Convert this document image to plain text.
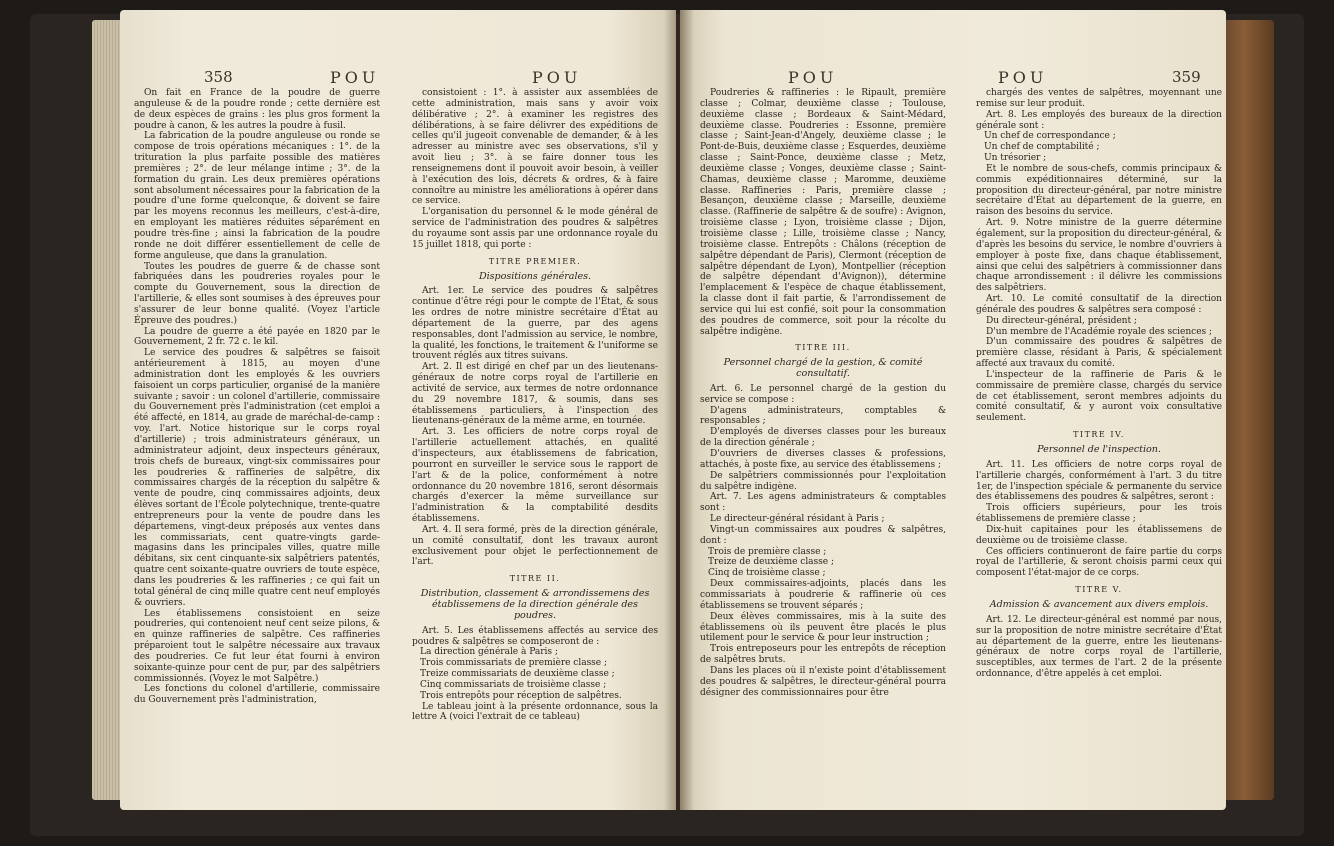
358	POU	POU

On fait en France de la poudre de guerre anguleuse & de la poudre ronde ; cette dernière est de deux espèces de grains : les plus gros forment la poudre à canon, & les autres la poudre à fusil.

La fabrication de la poudre anguleuse ou ronde se compose de trois opérations mécaniques : 1°. de la trituration la plus parfaite possible des matières premières ; 2°. de leur mélange intime ; 3°. de la formation du grain. Les deux premières opérations sont absolument nécessaires pour la fabrication de la poudre d'une forme quelconque, & doivent se faire par les moyens reconnus les meilleurs, c'est-à-dire, en employant les matières réduites séparément en poudre très-fine ; ainsi la fabrication de la poudre ronde ne doit différer essentiellement de celle de forme anguleuse, que dans la granulation.

Toutes les poudres de guerre & de chasse sont fabriquées dans les poudreries royales pour le compte du Gouvernement, sous la direction de l'artillerie, & elles sont soumises à des épreuves pour s'assurer de leur bonne qualité. (Voyez l'article Épreuve des poudres.)

La poudre de guerre a été payée en 1820 par le Gouvernement, 2 fr. 72 c. le kil.

Le service des poudres & salpêtres se faisoit antérieurement à 1815, au moyen d'une administration dont les employés & les ouvriers faisoient un corps particulier, organisé de la manière suivante ; savoir : un colonel d'artillerie, commissaire du Gouvernement près l'administration (cet emploi a été affecté, en 1814, au grade de maréchal-de-camp : voy. l'art. Notice historique sur le corps royal d'artillerie) ; trois administrateurs généraux, un administrateur adjoint, deux inspecteurs généraux, trois chefs de bureaux, vingt-six commissaires pour les poudreries & raffineries de salpêtre, dix commissaires chargés de la réception du salpêtre & vente de poudre, cinq commissaires adjoints, deux élèves sortant de l'École polytechnique, trente-quatre entrepreneurs pour la vente de poudre dans les départemens, vingt-deux préposés aux ventes dans les commissariats, cent quatre-vingts garde-magasins dans les principales villes, quatre mille débitans, six cent cinquante-six salpêtriers patentés, quatre cent soixante-quatre ouvriers de toute espèce, dans les poudreries & les raffineries ; ce qui fait un total général de cinq mille quatre cent neuf employés & ouvriers.

Les établissemens consistoient en seize poudreries, qui contenoient neuf cent seize pilons, & en quinze raffineries de salpêtre. Ces raffineries préparoient tout le salpêtre nécessaire aux travaux des poudreries. Ce fut leur état fourni à environ soixante-quinze pour cent de pur, par des salpêtriers commissionnés. (Voyez le mot Salpêtre.)

Les fonctions du colonel d'artillerie, commissaire du Gouvernement près l'administration,

consistoient : 1°. à assister aux assemblées de cette administration, mais sans y avoir voix délibérative ; 2°. à examiner les registres des délibérations, à se faire délivrer des expéditions de celles qu'il jugeoit convenable de demander, & à les adresser au ministre avec ses observations, s'il y avoit lieu ; 3°. à se faire donner tous les renseignemens dont il pouvoit avoir besoin, à veiller à l'exécution des lois, décrets & ordres, & à faire connoître au ministre les améliorations à opérer dans ce service.

L'organisation du personnel & le mode général de service de l'administration des poudres & salpêtres du royaume sont assis par une ordonnance royale du 15 juillet 1818, qui porte :

TITRE PREMIER.

Dispositions générales.

Art. 1er. Le service des poudres & salpêtres continue d'être régi pour le compte de l'État, & sous les ordres de notre ministre secrétaire d'État au département de la guerre, par des agens responsables, dont l'admission au service, le nombre, la qualité, les fonctions, le traitement & l'uniforme se trouvent réglés aux titres suivans.

Art. 2. Il est dirigé en chef par un des lieutenans-généraux de notre corps royal de l'artillerie en activité de service, aux termes de notre ordonnance du 29 novembre 1817, & soumis, dans ses établissemens particuliers, à l'inspection des lieutenans-généraux de la même arme, en tournée.

Art. 3. Les officiers de notre corps royal de l'artillerie actuellement attachés, en qualité d'inspecteurs, aux établissemens de fabrication, pourront en surveiller le service sous le rapport de l'art & de la police, conformément à notre ordonnance du 20 novembre 1816, seront désormais chargés d'exercer la même surveillance sur l'administration & la comptabilité desdits établissemens.

Art. 4. Il sera formé, près de la direction générale, un comité consultatif, dont les travaux auront exclusivement pour objet le perfectionnement de l'art.

TITRE II.

Distribution, classement & arrondissemens des établissemens de la direction générale des poudres.

Art. 5. Les établissemens affectés au service des poudres & salpêtres se composeront de :

La direction générale à Paris ;

Trois commissariats de première classe ;

Treize commissariats de deuxième classe ;

Cinq commissariats de troisième classe ;

Trois entrepôts pour réception de salpêtres.

Le tableau joint à la présente ordonnance, sous la lettre A (voici l'extrait de ce tableau)

POU	POU	359

Poudreries & raffineries : le Ripault, première classe ; Colmar, deuxième classe ; Toulouse, deuxième classe ; Bordeaux & Saint-Médard, deuxième classe. Poudreries : Essonne, première classe ; Saint-Jean-d'Angely, deuxième classe ; le Pont-de-Buis, deuxième classe ; Esquerdes, deuxième classe ; Saint-Ponce, deuxième classe ; Metz, deuxième classe ; Vonges, deuxième classe ; Saint-Chamas, deuxième classe ; Maromme, deuxième classe. Raffineries : Paris, première classe ; Besançon, deuxième classe ; Marseille, deuxième classe. (Raffinerie de salpêtre & de soufre) : Avignon, troisième classe ; Lyon, troisième classe ; Dijon, troisième classe ; Lille, troisième classe ; Nancy, troisième classe. Entrepôts : Châlons (réception de salpêtre dépendant de Paris), Clermont (réception de salpêtre dépendant de Lyon), Montpellier (réception de salpêtre dépendant d'Avignon)), détermine l'emplacement & l'espèce de chaque établissement, la classe dont il fait partie, & l'arrondissement de service qui lui est confié, soit pour la consommation des poudres de commerce, soit pour la récolte du salpêtre indigène.

TITRE III.

Personnel chargé de la gestion, & comité consultatif.

Art. 6. Le personnel chargé de la gestion du service se compose :

D'agens administrateurs, comptables & responsables ;

D'employés de diverses classes pour les bureaux de la direction générale ;

D'ouvriers de diverses classes & professions, attachés, à poste fixe, au service des établissemens ;

De salpêtriers commissionnés pour l'exploitation du salpêtre indigène.

Art. 7. Les agens administrateurs & comptables sont :

Le directeur-général résidant à Paris ;

Vingt-un commissaires aux poudres & salpêtres, dont :

Trois de première classe ;

Treize de deuxième classe ;

Cinq de troisième classe ;

Deux commissaires-adjoints, placés dans les commissariats à poudrerie & raffinerie où ces établissemens se trouvent séparés ;

Deux élèves commissaires, mis à la suite des établissemens où ils peuvent être placés le plus utilement pour le service & pour leur instruction ;

Trois entreposeurs pour les entrepôts de réception de salpêtres bruts.

Dans les places où il n'existe point d'établissement des poudres & salpêtres, le directeur-général pourra désigner des commissionnaires pour être

chargés des ventes de salpêtres, moyennant une remise sur leur produit.

Art. 8. Les employés des bureaux de la direction générale sont :

Un chef de correspondance ;

Un chef de comptabilité ;

Un trésorier ;

Et le nombre de sous-chefs, commis principaux & commis expéditionnaires déterminé, sur la proposition du directeur-général, par notre ministre secrétaire d'État au département de la guerre, en raison des besoins du service.

Art. 9. Notre ministre de la guerre détermine également, sur la proposition du directeur-général, & d'après les besoins du service, le nombre d'ouvriers à employer à poste fixe, dans chaque établissement, ainsi que celui des salpêtriers à commissionner dans chaque arrondissement : il délivre les commissions des salpêtriers.

Art. 10. Le comité consultatif de la direction générale des poudres & salpêtres sera composé :

Du directeur-général, président ;

D'un membre de l'Académie royale des sciences ;

D'un commissaire des poudres & salpêtres de première classe, résidant à Paris, & spécialement affecté aux travaux du comité.

L'inspecteur de la raffinerie de Paris & le commissaire de première classe, chargés du service de cet établissement, seront membres adjoints du comité consultatif, & y auront voix consultative seulement.

TITRE IV.

Personnel de l'inspection.

Art. 11. Les officiers de notre corps royal de l'artillerie chargés, conformément à l'art. 3 du titre 1er, de l'inspection spéciale & permanente du service des établissemens des poudres & salpêtres, seront :

Trois officiers supérieurs, pour les trois établissemens de première classe ;

Dix-huit capitaines pour les établissemens de deuxième ou de troisième classe.

Ces officiers continueront de faire partie du corps royal de l'artillerie, & seront choisis parmi ceux qui composent l'état-major de ce corps.

TITRE V.

Admission & avancement aux divers emplois.

Art. 12. Le directeur-général est nommé par nous, sur la proposition de notre ministre secrétaire d'État au département de la guerre, entre les lieutenans-généraux de notre corps royal de l'artillerie, susceptibles, aux termes de l'art. 2 de la présente ordonnance, d'être appelés à cet emploi.
